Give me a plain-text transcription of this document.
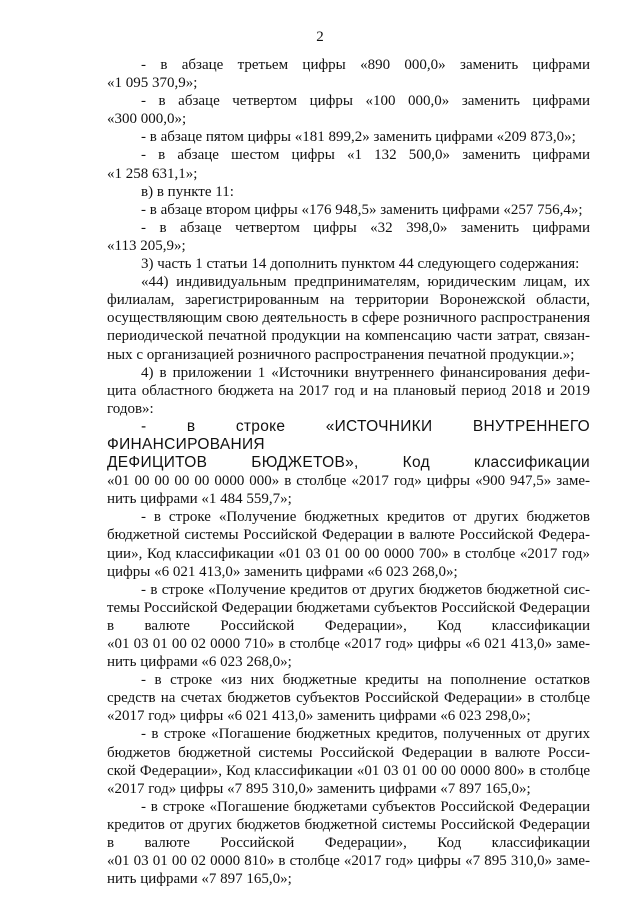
2

- в абзаце третьем цифры «890 000,0» заменить цифрами
«1 095 370,9»;

- в абзаце четвертом цифры «100 000,0» заменить цифрами
«300 000,0»;

- в абзаце пятом цифры «181 899,2» заменить цифрами «209 873,0»;

- в абзаце шестом цифры «1 132 500,0» заменить цифрами
«1 258 631,1»;

в) в пункте 11:

- в абзаце втором цифры «176 948,5» заменить цифрами «257 756,4»;

- в абзаце четвертом цифры «32 398,0» заменить цифрами
«113 205,9»;

3) часть 1 статьи 14 дополнить пунктом 44 следующего содержания:

«44) индивидуальным предпринимателям, юридическим лицам, их
филиалам, зарегистрированным на территории Воронежской области,
осуществляющим свою деятельность в сфере розничного распространения
периодической печатной продукции на компенсацию части затрат, связан-
ных с организацией розничного распространения печатной продукции.»;

4) в приложении 1 «Источники внутреннего финансирования дефи-
цита областного бюджета на 2017 год и на плановый период 2018 и 2019
годов»:

- в строке «ИСТОЧНИКИ ВНУТРЕННЕГО ФИНАНСИРОВАНИЯ
ДЕФИЦИТОВ БЮДЖЕТОВ», Код классификации
«01 00 00 00 00 0000 000» в столбце «2017 год» цифры «900 947,5» заме-
нить цифрами «1 484 559,7»;

- в строке «Получение бюджетных кредитов от других бюджетов
бюджетной системы Российской Федерации в валюте Российской Федера-
ции», Код классификации «01 03 01 00 00 0000 700» в столбце «2017 год»
цифры «6 021 413,0» заменить цифрами «6 023 268,0»;

- в строке «Получение кредитов от других бюджетов бюджетной сис-
темы Российской Федерации бюджетами субъектов Российской Федерации
в валюте Российской Федерации», Код классификации
«01 03 01 00 02 0000 710» в столбце «2017 год» цифры «6 021 413,0» заме-
нить цифрами «6 023 268,0»;

- в строке «из них бюджетные кредиты на пополнение остатков
средств на счетах бюджетов субъектов Российской Федерации» в столбце
«2017 год» цифры «6 021 413,0» заменить цифрами «6 023 298,0»;

- в строке «Погашение бюджетных кредитов, полученных от других
бюджетов бюджетной системы Российской Федерации в валюте Росси-
ской Федерации», Код классификации «01 03 01 00 00 0000 800» в столбце
«2017 год» цифры «7 895 310,0» заменить цифрами «7 897 165,0»;

- в строке «Погашение бюджетами субъектов Российской Федерации
кредитов от других бюджетов бюджетной системы Российской Федерации
в валюте Российской Федерации», Код классификации
«01 03 01 00 02 0000 810» в столбце «2017 год» цифры «7 895 310,0» заме-
нить цифрами «7 897 165,0»;
